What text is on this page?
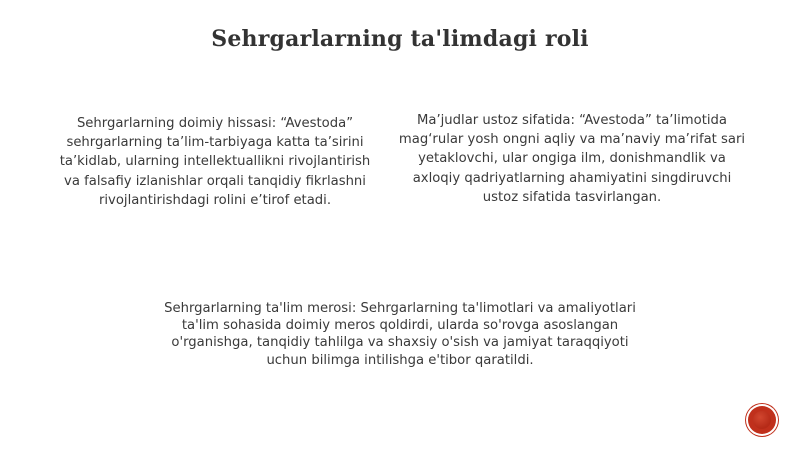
Sehrgarlarning ta'limdagi roli
Sehrgarlarning doimiy hissasi: “Avestoda” sehrgarlarning ta’lim-tarbiyaga katta ta’sirini ta’kidlab, ularning intellektuallikni rivojlantirish va falsafiy izlanishlar orqali tanqidiy fikrlashni rivojlantirishdagi rolini e’tirof etadi.
Ma’judlar ustoz sifatida: “Avestoda” ta’limotida mag‘rular yosh ongni aqliy va ma’naviy ma’rifat sari yetaklovchi, ular ongiga ilm, donishmandlik va axloqiy qadriyatlarning ahamiyatini singdiruvchi ustoz sifatida tasvirlangan.
Sehrgarlarning ta'lim merosi: Sehrgarlarning ta'limotlari va amaliyotlari ta'lim sohasida doimiy meros qoldirdi, ularda so'rovga asoslangan o'rganishga, tanqidiy tahlilga va shaxsiy o'sish va jamiyat taraqqiyoti uchun bilimga intilishga e'tibor qaratildi.
